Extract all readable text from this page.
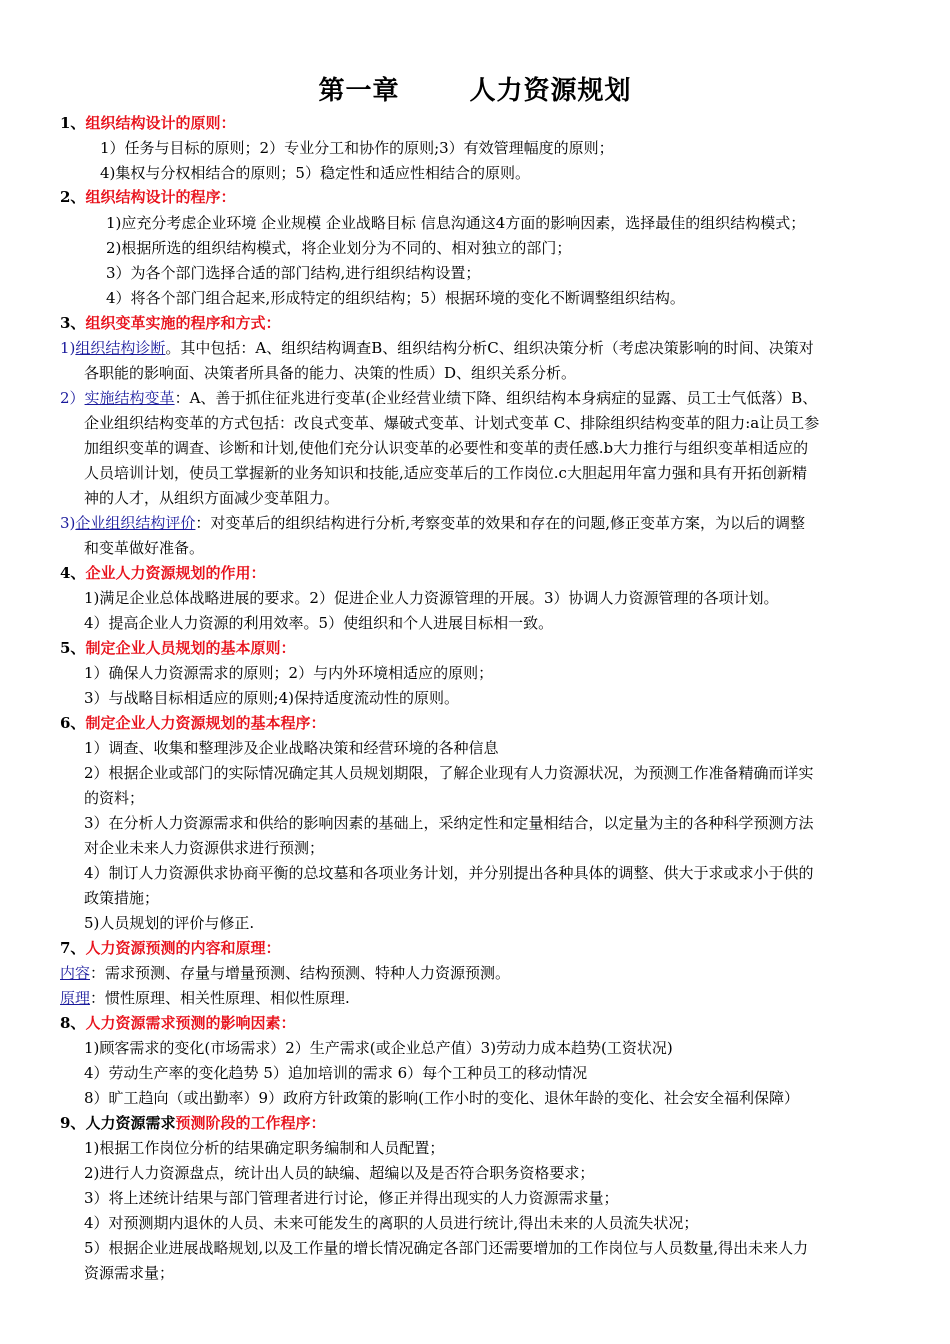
第一章	人力资源规划
1、组织结构设计的原则：
1）任务与目标的原则；2）专业分工和协作的原则;3）有效管理幅度的原则；
4)集权与分权相结合的原则；5）稳定性和适应性相结合的原则。
2、组织结构设计的程序：
1)应充分考虑企业环境 企业规模 企业战略目标 信息沟通这4方面的影响因素，选择最佳的组织结构模式；
2)根据所选的组织结构模式，将企业划分为不同的、相对独立的部门；
3）为各个部门选择合适的部门结构,进行组织结构设置；
4）将各个部门组合起来,形成特定的组织结构；5）根据环境的变化不断调整组织结构。
3、组织变革实施的程序和方式：
1)组织结构诊断。其中包括：A、组织结构调查B、组织结构分析C、组织决策分析（考虑决策影响的时间、决策对
各职能的影响面、决策者所具备的能力、决策的性质）D、组织关系分析。
2）实施结构变革：A、善于抓住征兆进行变革(企业经营业绩下降、组织结构本身病症的显露、员工士气低落）B、
企业组织结构变革的方式包括：改良式变革、爆破式变革、计划式变革 C、排除组织结构变革的阻力:a让员工参
加组织变革的调查、诊断和计划,使他们充分认识变革的必要性和变革的责任感.b大力推行与组织变革相适应的
人员培训计划，使员工掌握新的业务知识和技能,适应变革后的工作岗位.c大胆起用年富力强和具有开拓创新精
神的人才，从组织方面减少变革阻力。
3)企业组织结构评价：对变革后的组织结构进行分析,考察变革的效果和存在的问题,修正变革方案，为以后的调整
和变革做好准备。
4、企业人力资源规划的作用：
1)满足企业总体战略进展的要求。2）促进企业人力资源管理的开展。3）协调人力资源管理的各项计划。
4）提高企业人力资源的利用效率。5）使组织和个人进展目标相一致。
5、制定企业人员规划的基本原则：
1）确保人力资源需求的原则；2）与内外环境相适应的原则；
3）与战略目标相适应的原则;4)保持适度流动性的原则。
6、制定企业人力资源规划的基本程序：
1）调查、收集和整理涉及企业战略决策和经营环境的各种信息
2）根据企业或部门的实际情况确定其人员规划期限，了解企业现有人力资源状况，为预测工作准备精确而详实
的资料；
3）在分析人力资源需求和供给的影响因素的基础上，采纳定性和定量相结合，以定量为主的各种科学预测方法
对企业未来人力资源供求进行预测；
4）制订人力资源供求协商平衡的总坟墓和各项业务计划，并分别提出各种具体的调整、供大于求或求小于供的
政策措施；
5)人员规划的评价与修正.
7、人力资源预测的内容和原理：
内容：需求预测、存量与增量预测、结构预测、特种人力资源预测。
原理：惯性原理、相关性原理、相似性原理.
8、人力资源需求预测的影响因素：
1)顾客需求的变化(市场需求）2）生产需求(或企业总产值）3)劳动力成本趋势(工资状况)
4）劳动生产率的变化趋势 5）追加培训的需求 6）每个工种员工的移动情况
8）旷工趋向（或出勤率）9）政府方针政策的影响(工作小时的变化、退休年龄的变化、社会安全福利保障）
9、人力资源需求预测阶段的工作程序：
1)根据工作岗位分析的结果确定职务编制和人员配置；
2)进行人力资源盘点，统计出人员的缺编、超编以及是否符合职务资格要求；
3）将上述统计结果与部门管理者进行讨论，修正并得出现实的人力资源需求量；
4）对预测期内退休的人员、未来可能发生的离职的人员进行统计,得出未来的人员流失状况；
5）根据企业进展战略规划,以及工作量的增长情况确定各部门还需要增加的工作岗位与人员数量,得出未来人力
资源需求量；
